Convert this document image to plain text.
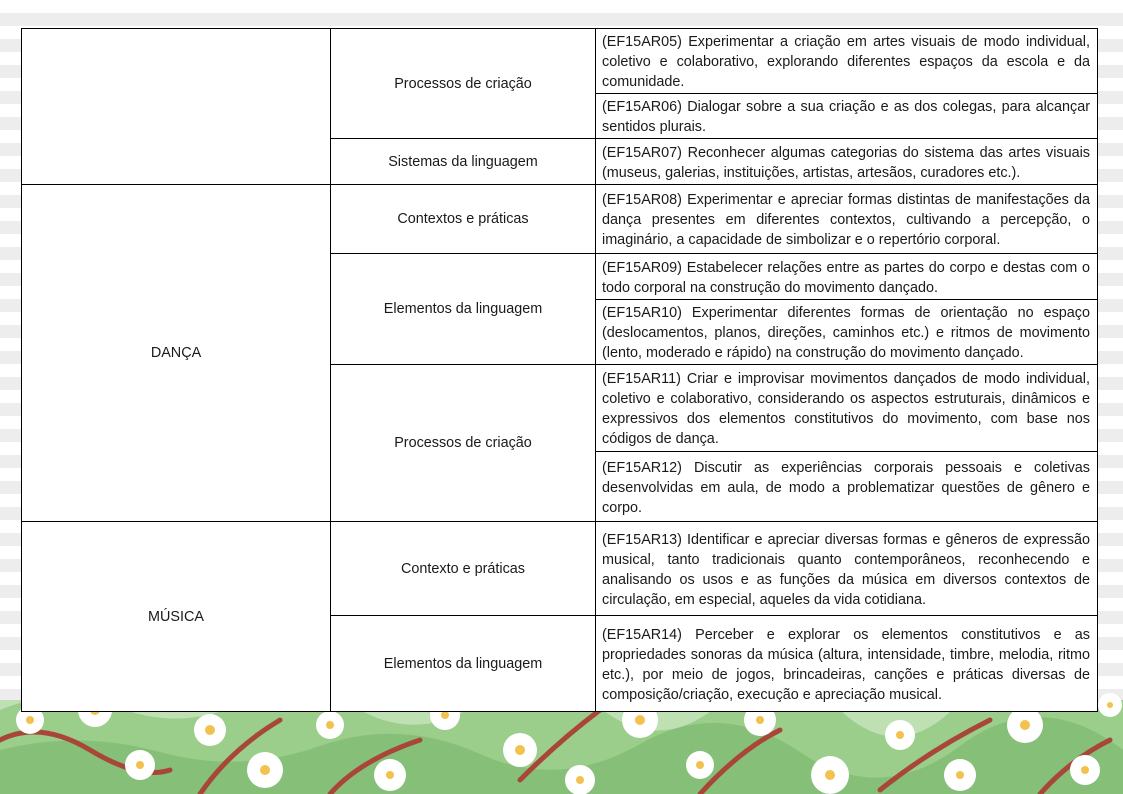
	Processos de criação	(EF15AR05) Experimentar a criação em artes visuais de modo individual, coletivo e colaborativo, explorando diferentes espaços da escola e da comunidade.
		(EF15AR06) Dialogar sobre a sua criação e as dos colegas, para alcançar sentidos plurais.
	Sistemas da linguagem	(EF15AR07) Reconhecer algumas categorias do sistema das artes visuais (museus, galerias, instituições, artistas, artesãos, curadores etc.).
DANÇA	Contextos e práticas	(EF15AR08) Experimentar e apreciar formas distintas de manifestações da dança presentes em diferentes contextos, cultivando a percepção, o imaginário, a capacidade de simbolizar e o repertório corporal.
	Elementos da linguagem	(EF15AR09) Estabelecer relações entre as partes do corpo e destas com o todo corporal na construção do movimento dançado.
		(EF15AR10) Experimentar diferentes formas de orientação no espaço (deslocamentos, planos, direções, caminhos etc.) e ritmos de movimento (lento, moderado e rápido) na construção do movimento dançado.
	Processos de criação	(EF15AR11) Criar e improvisar movimentos dançados de modo individual, coletivo e colaborativo, considerando os aspectos estruturais, dinâmicos e expressivos dos elementos constitutivos do movimento, com base nos códigos de dança.
		(EF15AR12) Discutir as experiências corporais pessoais e coletivas desenvolvidas em aula, de modo a problematizar questões de gênero e corpo.
MÚSICA	Contexto e práticas	(EF15AR13) Identificar e apreciar diversas formas e gêneros de expressão musical, tanto tradicionais quanto contemporâneos, reconhecendo e analisando os usos e as funções da música em diversos contextos de circulação, em especial, aqueles da vida cotidiana.
	Elementos da linguagem	(EF15AR14) Perceber e explorar os elementos constitutivos e as propriedades sonoras da música (altura, intensidade, timbre, melodia, ritmo etc.), por meio de jogos, brincadeiras, canções e práticas diversas de composição/criação, execução e apreciação musical.
